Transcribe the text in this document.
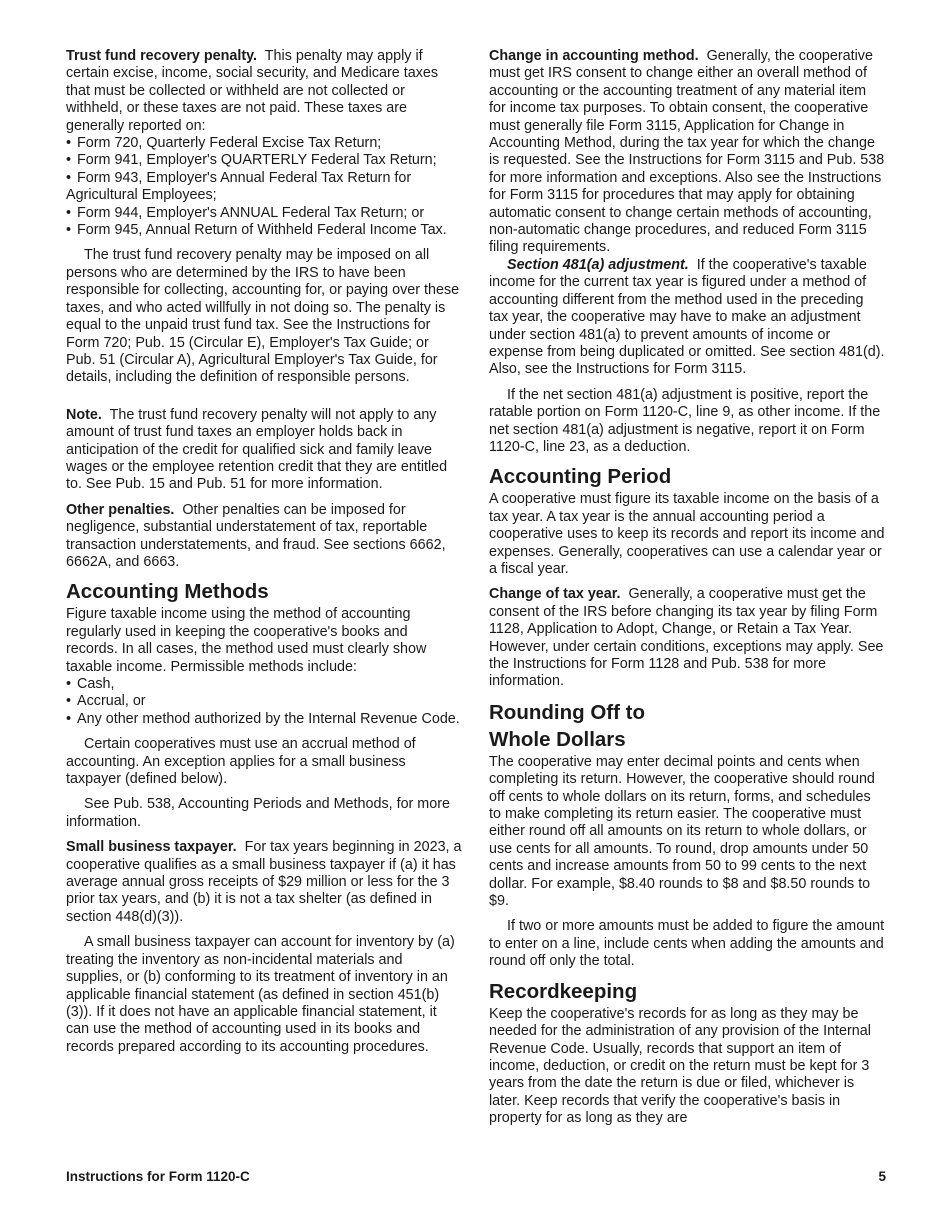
Trust fund recovery penalty. This penalty may apply if certain excise, income, social security, and Medicare taxes that must be collected or withheld are not collected or withheld, or these taxes are not paid. These taxes are generally reported on:

• Form 720, Quarterly Federal Excise Tax Return;
• Form 941, Employer's QUARTERLY Federal Tax Return;
• Form 943, Employer's Annual Federal Tax Return for Agricultural Employees;
• Form 944, Employer's ANNUAL Federal Tax Return; or
• Form 945, Annual Return of Withheld Federal Income Tax.

The trust fund recovery penalty may be imposed on all persons who are determined by the IRS to have been responsible for collecting, accounting for, or paying over these taxes, and who acted willfully in not doing so. The penalty is equal to the unpaid trust fund tax. See the Instructions for Form 720; Pub. 15 (Circular E), Employer's Tax Guide; or Pub. 51 (Circular A), Agricultural Employer's Tax Guide, for details, including the definition of responsible persons.

Note. The trust fund recovery penalty will not apply to any amount of trust fund taxes an employer holds back in anticipation of the credit for qualified sick and family leave wages or the employee retention credit that they are entitled to. See Pub. 15 and Pub. 51 for more information.

Other penalties. Other penalties can be imposed for negligence, substantial understatement of tax, reportable transaction understatements, and fraud. See sections 6662, 6662A, and 6663.

Accounting Methods

Figure taxable income using the method of accounting regularly used in keeping the cooperative's books and records. In all cases, the method used must clearly show taxable income. Permissible methods include:

• Cash,
• Accrual, or
• Any other method authorized by the Internal Revenue Code.

Certain cooperatives must use an accrual method of accounting. An exception applies for a small business taxpayer (defined below).

See Pub. 538, Accounting Periods and Methods, for more information.

Small business taxpayer. For tax years beginning in 2023, a cooperative qualifies as a small business taxpayer if (a) it has average annual gross receipts of $29 million or less for the 3 prior tax years, and (b) it is not a tax shelter (as defined in section 448(d)(3)).

A small business taxpayer can account for inventory by (a) treating the inventory as non-incidental materials and supplies, or (b) conforming to its treatment of inventory in an applicable financial statement (as defined in section 451(b)(3)). If it does not have an applicable financial statement, it can use the method of accounting used in its books and records prepared according to its accounting procedures.

Change in accounting method. Generally, the cooperative must get IRS consent to change either an overall method of accounting or the accounting treatment of any material item for income tax purposes. To obtain consent, the cooperative must generally file Form 3115, Application for Change in Accounting Method, during the tax year for which the change is requested. See the Instructions for Form 3115 and Pub. 538 for more information and exceptions. Also see the Instructions for Form 3115 for procedures that may apply for obtaining automatic consent to change certain methods of accounting, non-automatic change procedures, and reduced Form 3115 filing requirements.

Section 481(a) adjustment. If the cooperative's taxable income for the current tax year is figured under a method of accounting different from the method used in the preceding tax year, the cooperative may have to make an adjustment under section 481(a) to prevent amounts of income or expense from being duplicated or omitted. See section 481(d). Also, see the Instructions for Form 3115.

If the net section 481(a) adjustment is positive, report the ratable portion on Form 1120-C, line 9, as other income. If the net section 481(a) adjustment is negative, report it on Form 1120-C, line 23, as a deduction.

Accounting Period

A cooperative must figure its taxable income on the basis of a tax year. A tax year is the annual accounting period a cooperative uses to keep its records and report its income and expenses. Generally, cooperatives can use a calendar year or a fiscal year.

Change of tax year. Generally, a cooperative must get the consent of the IRS before changing its tax year by filing Form 1128, Application to Adopt, Change, or Retain a Tax Year. However, under certain conditions, exceptions may apply. See the Instructions for Form 1128 and Pub. 538 for more information.

Rounding Off to
Whole Dollars

The cooperative may enter decimal points and cents when completing its return. However, the cooperative should round off cents to whole dollars on its return, forms, and schedules to make completing its return easier. The cooperative must either round off all amounts on its return to whole dollars, or use cents for all amounts. To round, drop amounts under 50 cents and increase amounts from 50 to 99 cents to the next dollar. For example, $8.40 rounds to $8 and $8.50 rounds to $9.

If two or more amounts must be added to figure the amount to enter on a line, include cents when adding the amounts and round off only the total.

Recordkeeping

Keep the cooperative's records for as long as they may be needed for the administration of any provision of the Internal Revenue Code. Usually, records that support an item of income, deduction, or credit on the return must be kept for 3 years from the date the return is due or filed, whichever is later. Keep records that verify the cooperative's basis in property for as long as they are

Instructions for Form 1120-C	5
